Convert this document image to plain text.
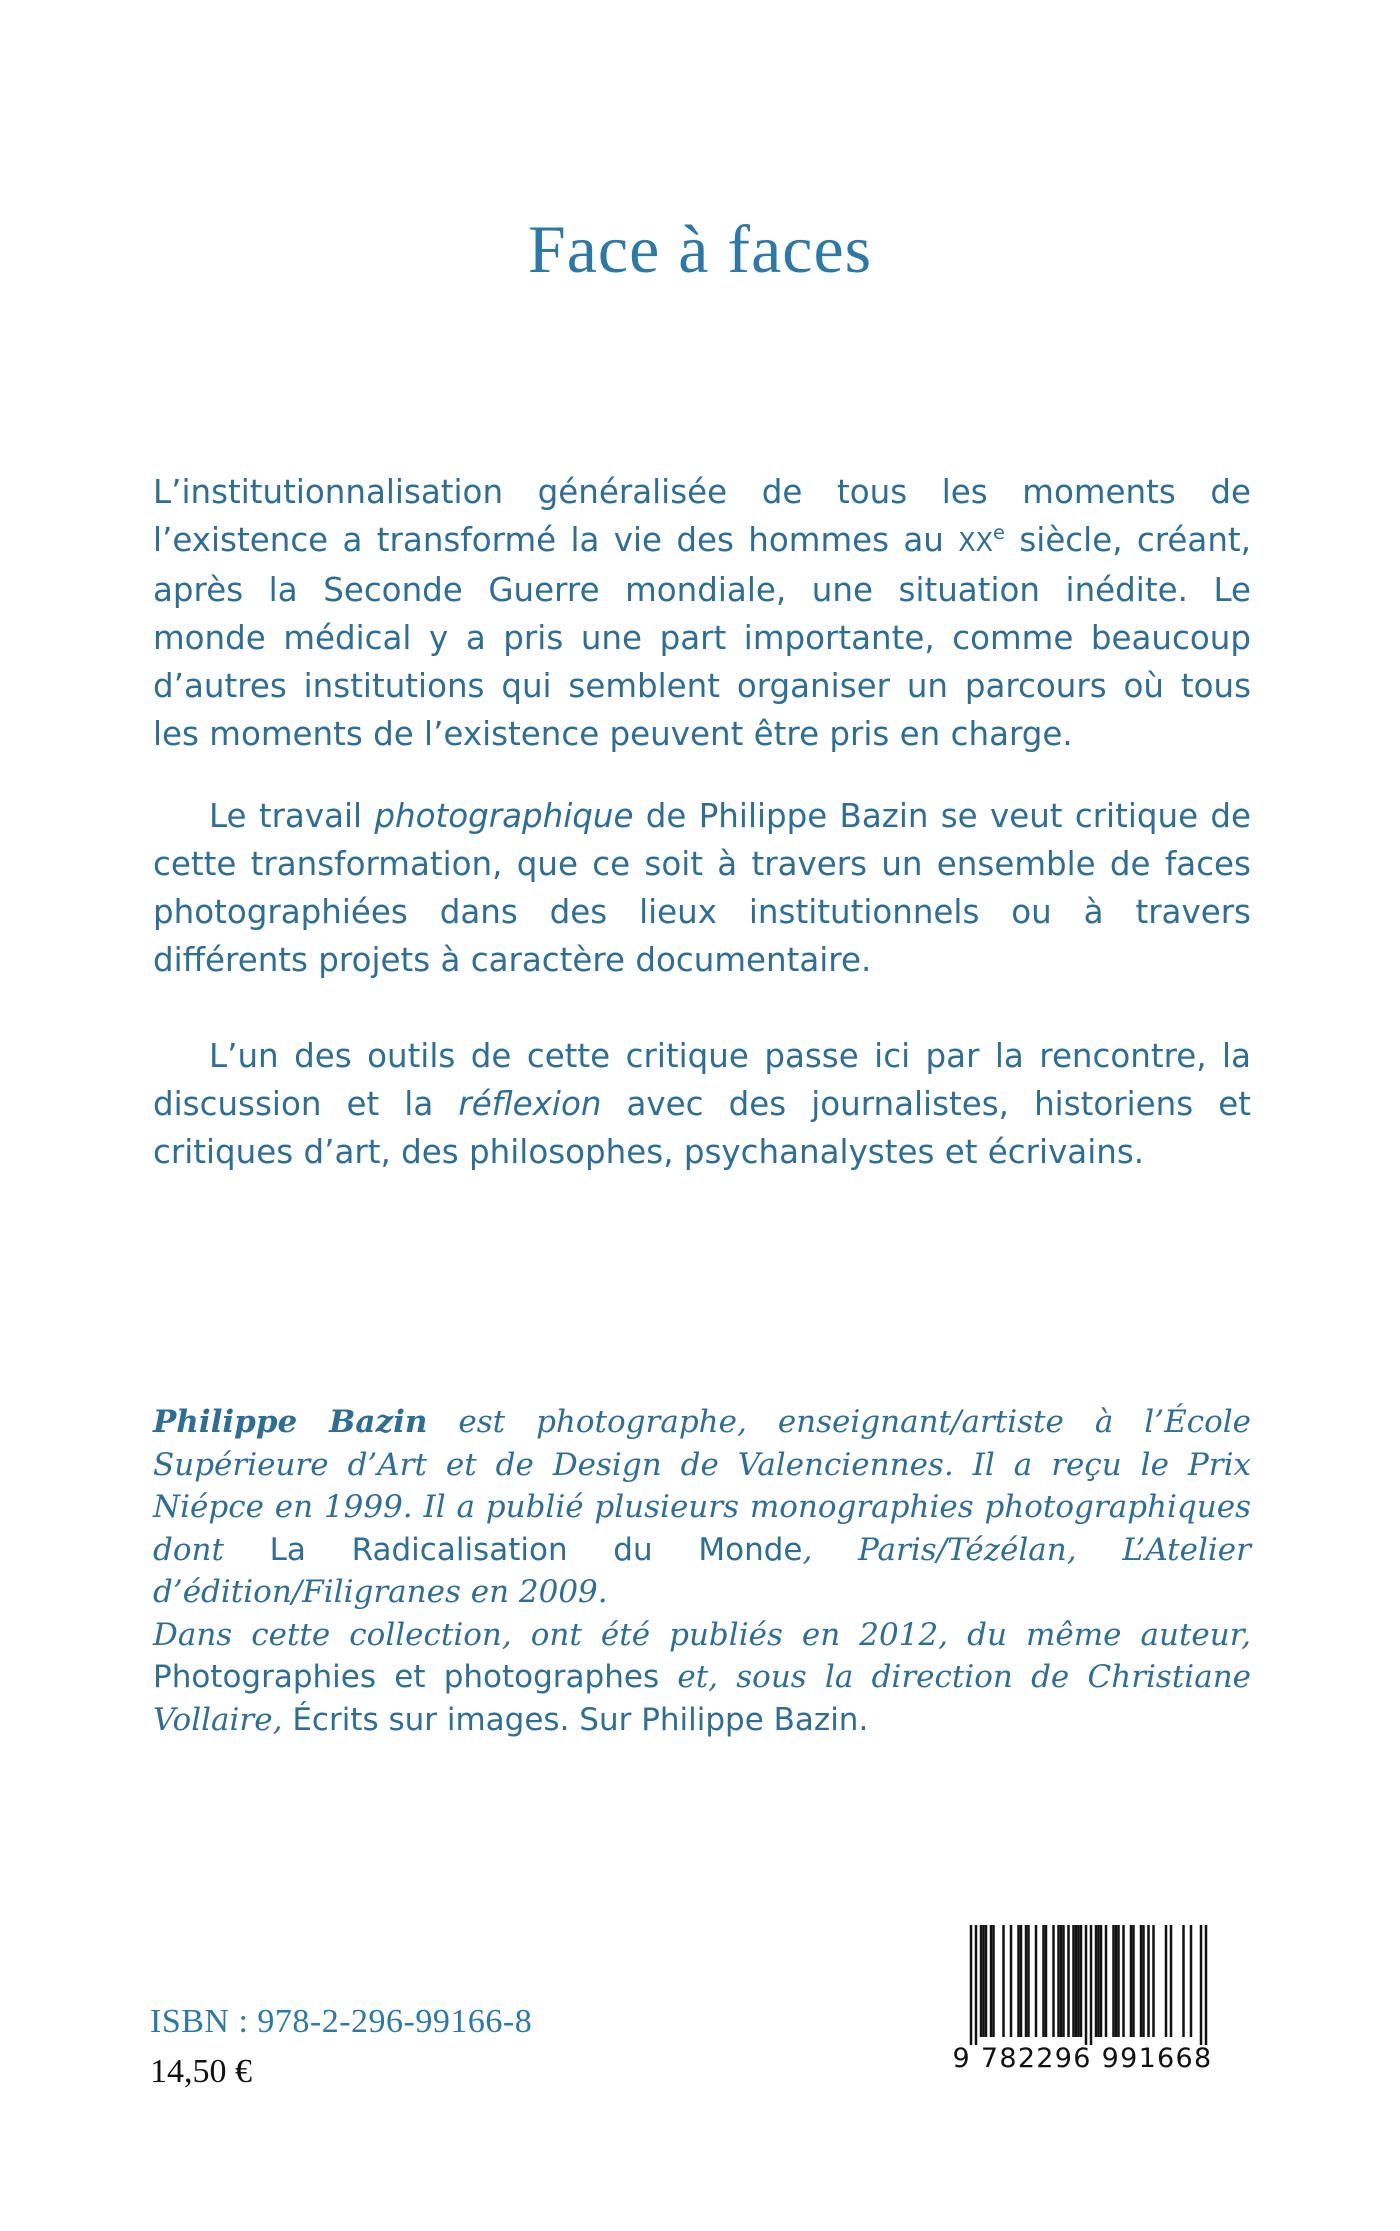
Face à faces

L’institutionnalisation généralisée de tous les moments de l’existence a transformé la vie des hommes au XXe siècle, créant, après la Seconde Guerre mondiale, une situation inédite. Le monde médical y a pris une part importante, comme beaucoup d’autres institutions qui semblent organiser un parcours où tous les moments de l’existence peuvent être pris en charge.

Le travail photographique de Philippe Bazin se veut critique de cette transformation, que ce soit à travers un ensemble de faces photographiées dans des lieux institutionnels ou à travers différents projets à caractère documentaire.

L’un des outils de cette critique passe ici par la rencontre, la discussion et la réflexion avec des journalistes, historiens et critiques d’art, des philosophes, psychanalystes et écrivains.

Philippe Bazin est photographe, enseignant/artiste à l’École Supérieure d’Art et de Design de Valenciennes. Il a reçu le Prix Niépce en 1999. Il a publié plusieurs monographies photographiques dont La Radicalisation du Monde, Paris/Tézélan, L’Atelier d’édition/Filigranes en 2009.
Dans cette collection, ont été publiés en 2012, du même auteur, Photographies et photographes et, sous la direction de Christiane Vollaire, Écrits sur images. Sur Philippe Bazin.

ISBN : 978-2-296-99166-8
14,50 €	9 782296 991668
